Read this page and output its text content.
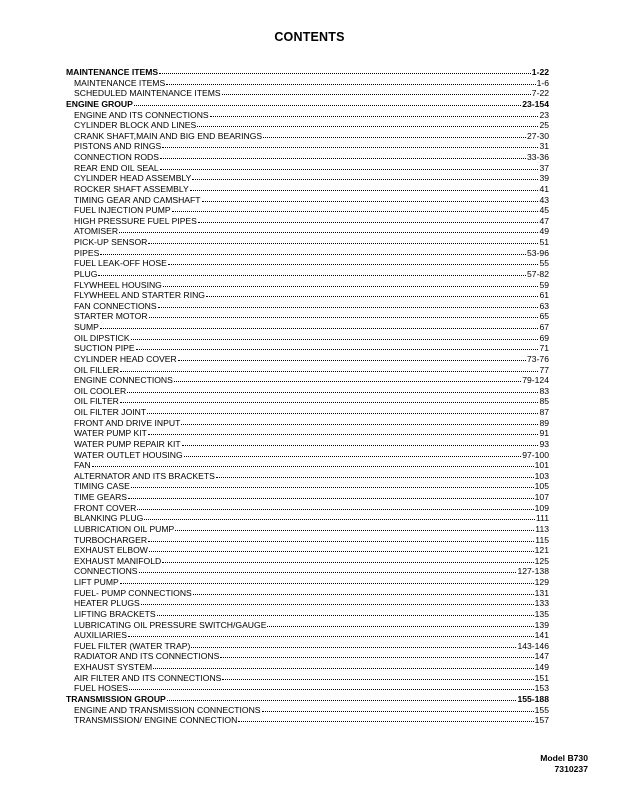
CONTENTS
MAINTENANCE ITEMS	1-22
MAINTENANCE ITEMS	1-6
SCHEDULED MAINTENANCE ITEMS	7-22
ENGINE GROUP	23-154
ENGINE AND ITS CONNECTIONS	23
CYLINDER BLOCK AND LINES	25
CRANK SHAFT,MAIN AND BIG END BEARINGS	27-30
PISTONS AND RINGS	31
CONNECTION RODS	33-36
REAR END OIL SEAL	37
CYLINDER HEAD ASSEMBLY	39
ROCKER SHAFT ASSEMBLY	41
TIMING GEAR AND CAMSHAFT	43
FUEL INJECTION PUMP	45
HIGH PRESSURE FUEL PIPES	47
ATOMISER	49
PICK-UP SENSOR	51
PIPES	53-96
FUEL LEAK-OFF HOSE	55
PLUG	57-82
FLYWHEEL HOUSING	59
FLYWHEEL AND STARTER RING	61
FAN CONNECTIONS	63
STARTER MOTOR	65
SUMP	67
OIL DIPSTICK	69
SUCTION PIPE	71
CYLINDER HEAD COVER	73-76
OIL FILLER	77
ENGINE CONNECTIONS	79-124
OIL COOLER	83
OIL FILTER	85
OIL FILTER JOINT	87
FRONT AND DRIVE INPUT	89
WATER PUMP KIT	91
WATER PUMP REPAIR KIT	93
WATER OUTLET HOUSING	97-100
FAN	101
ALTERNATOR AND ITS BRACKETS	103
TIMING CASE	105
TIME GEARS	107
FRONT COVER	109
BLANKING PLUG	111
LUBRICATION OIL PUMP	113
TURBOCHARGER	115
EXHAUST ELBOW	121
EXHAUST MANIFOLD	125
CONNECTIONS	127-138
LIFT PUMP	129
FUEL- PUMP CONNECTIONS	131
HEATER PLUGS	133
LIFTING BRACKETS	135
LUBRICATING OIL PRESSURE SWITCH/GAUGE	139
AUXILIARIES	141
FUEL FILTER (WATER TRAP)	143-146
RADIATOR AND ITS CONNECTIONS	147
EXHAUST SYSTEM	149
AIR FILTER AND ITS CONNECTIONS	151
FUEL HOSES	153
TRANSMISSION GROUP	155-188
ENGINE AND TRANSMISSION CONNECTIONS	155
TRANSMISSION/ ENGINE CONNECTION	157
Model B730
7310237
